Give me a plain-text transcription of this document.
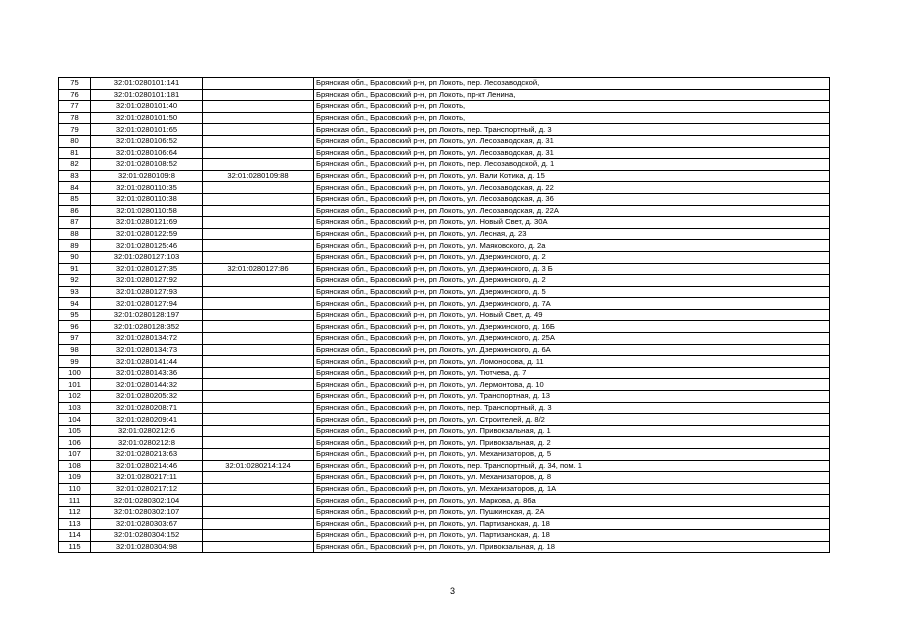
75	32:01:0280101:141		Брянская обл., Брасовский р-н, рп Локоть, пер. Лесозаводской,
76	32:01:0280101:181		Брянская обл., Брасовский р-н, рп Локоть, пр-кт Ленина,
77	32:01:0280101:40		Брянская обл., Брасовский р-н, рп Локоть,
78	32:01:0280101:50		Брянская обл., Брасовский р-н, рп Локоть,
79	32:01:0280101:65		Брянская обл., Брасовский р-н, рп Локоть, пер. Транспортный, д. 3
80	32:01:0280106:52		Брянская обл., Брасовский р-н, рп Локоть, ул. Лесозаводская, д. 31
81	32:01:0280106:64		Брянская обл., Брасовский р-н, рп Локоть, ул. Лесозаводская, д. 31
82	32:01:0280108:52		Брянская обл., Брасовский р-н, рп Локоть, пер. Лесозаводской, д. 1
83	32:01:0280109:8	32:01:0280109:88	Брянская обл., Брасовский р-н, рп Локоть, ул. Вали Котика, д. 15
84	32:01:0280110:35		Брянская обл., Брасовский р-н, рп Локоть, ул. Лесозаводская, д. 22
85	32:01:0280110:38		Брянская обл., Брасовский р-н, рп Локоть, ул. Лесозаводская, д. 36
86	32:01:0280110:58		Брянская обл., Брасовский р-н, рп Локоть, ул. Лесозаводская, д. 22А
87	32:01:0280121:69		Брянская обл., Брасовский р-н, рп Локоть, ул. Новый Свет, д. 30А
88	32:01:0280122:59		Брянская обл., Брасовский р-н, рп Локоть, ул. Лесная, д. 23
89	32:01:0280125:46		Брянская обл., Брасовский р-н, рп Локоть, ул. Маяковского, д. 2а
90	32:01:0280127:103		Брянская обл., Брасовский р-н, рп Локоть, ул. Дзержинского, д. 2
91	32:01:0280127:35	32:01:0280127:86	Брянская обл., Брасовский р-н, рп Локоть, ул. Дзержинского, д. 3 Б
92	32:01:0280127:92		Брянская обл., Брасовский р-н, рп Локоть, ул. Дзержинского, д. 2
93	32:01:0280127:93		Брянская обл., Брасовский р-н, рп Локоть, ул. Дзержинского, д. 5
94	32:01:0280127:94		Брянская обл., Брасовский р-н, рп Локоть, ул. Дзержинского, д. 7А
95	32:01:0280128:197		Брянская обл., Брасовский р-н, рп Локоть, ул. Новый Свет, д. 49
96	32:01:0280128:352		Брянская обл., Брасовский р-н, рп Локоть, ул. Дзержинского, д. 16Б
97	32:01:0280134:72		Брянская обл., Брасовский р-н, рп Локоть, ул. Дзержинского, д. 25А
98	32:01:0280134:73		Брянская обл., Брасовский р-н, рп Локоть, ул. Дзержинского, д. 6А
99	32:01:0280141:44		Брянская обл., Брасовский р-н, рп Локоть, ул. Ломоносова, д. 11
100	32:01:0280143:36		Брянская обл., Брасовский р-н, рп Локоть, ул. Тютчева, д. 7
101	32:01:0280144:32		Брянская обл., Брасовский р-н, рп Локоть, ул. Лермонтова, д. 10
102	32:01:0280205:32		Брянская обл., Брасовский р-н, рп Локоть, ул. Транспортная, д. 13
103	32:01:0280208:71		Брянская обл., Брасовский р-н, рп Локоть, пер. Транспортный, д. 3
104	32:01:0280209:41		Брянская обл., Брасовский р-н, рп Локоть, ул. Строителей, д. 8/2
105	32:01:0280212:6		Брянская обл., Брасовский р-н, рп Локоть, ул. Привокзальная, д. 1
106	32:01:0280212:8		Брянская обл., Брасовский р-н, рп Локоть, ул. Привокзальная, д. 2
107	32:01:0280213:63		Брянская обл., Брасовский р-н, рп Локоть, ул. Механизаторов, д. 5
108	32:01:0280214:46	32:01:0280214:124	Брянская обл., Брасовский р-н, рп Локоть, пер. Транспортный, д. 34, пом. 1
109	32:01:0280217:11		Брянская обл., Брасовский р-н, рп Локоть, ул. Механизаторов, д. 8
110	32:01:0280217:12		Брянская обл., Брасовский р-н, рп Локоть, ул. Механизаторов, д. 1А
111	32:01:0280302:104		Брянская обл., Брасовский р-н, рп Локоть, ул. Маркова, д. 86а
112	32:01:0280302:107		Брянская обл., Брасовский р-н, рп Локоть, ул. Пушкинская, д. 2А
113	32:01:0280303:67		Брянская обл., Брасовский р-н, рп Локоть, ул. Партизанская, д. 18
114	32:01:0280304:152		Брянская обл., Брасовский р-н, рп Локоть, ул. Партизанская, д. 18
115	32:01:0280304:98		Брянская обл., Брасовский р-н, рп Локоть, ул. Привокзальная, д. 18
3
